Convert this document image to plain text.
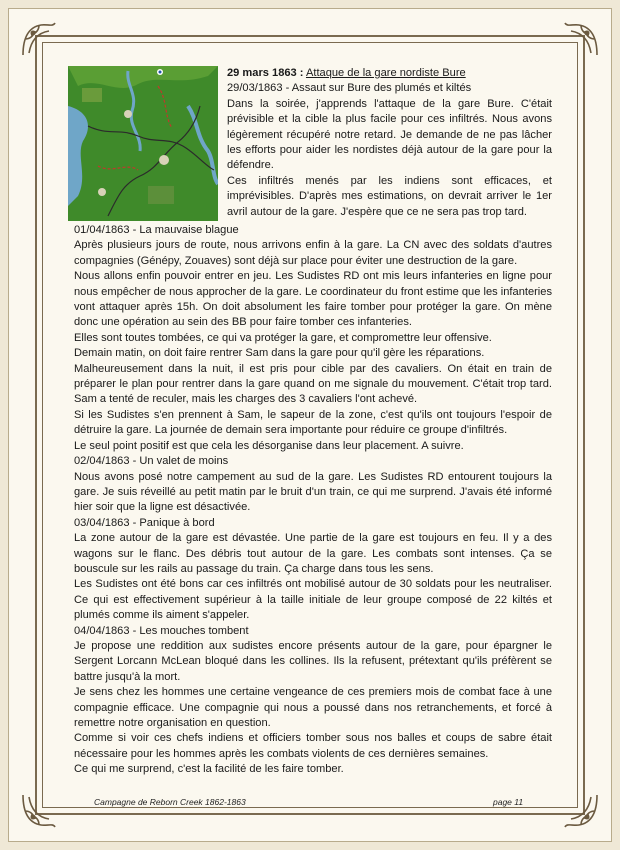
29 mars 1863 : Attaque de la gare nordiste Bure

29/03/1863 - Assaut sur Bure des plumés et kiltés

Dans la soirée, j'apprends l'attaque de la gare Bure. C'était prévisible et la cible la plus facile pour ces infiltrés. Nous avons légèrement récupéré notre retard. Je demande de ne pas lâcher les efforts pour aider les nordistes déjà autour de la gare pour la défendre.

Ces infiltrés menés par les indiens sont efficaces, et imprévisibles. D'après mes estimations, on devrait arriver le 1er avril autour de la gare. J'espère que ce ne sera pas trop tard.

01/04/1863 - La mauvaise blague

Après plusieurs jours de route, nous arrivons enfin à la gare. La CN avec des soldats d'autres compagnies (Génépy, Zouaves) sont déjà sur place pour éviter une destruction de la gare.

Nous allons enfin pouvoir entrer en jeu. Les Sudistes RD ont mis leurs infanteries en ligne pour nous empêcher de nous approcher de la gare. Le coordinateur du front estime que les infanteries vont attaquer après 15h. On doit absolument les faire tomber pour protéger la gare. On mène donc une opération au sein des BB pour faire tomber ces infanteries.

Elles sont toutes tombées, ce qui va protéger la gare, et compromettre leur offensive.

Demain matin, on doit faire rentrer Sam dans la gare pour qu'il gère les réparations.

Malheureusement dans la nuit, il est pris pour cible par des cavaliers. On était en train de préparer le plan pour rentrer dans la gare quand on me signale du mouvement. C'était trop tard. Sam a tenté de reculer, mais les charges des 3 cavaliers l'ont achevé.

Si les Sudistes s'en prennent à Sam, le sapeur de la zone, c'est qu'ils ont toujours l'espoir de détruire la gare. La journée de demain sera importante pour réduire ce groupe d'infiltrés.

Le seul point positif est que cela les désorganise dans leur placement. A suivre.

02/04/1863 - Un valet de moins

Nous avons posé notre campement au sud de la gare. Les Sudistes RD entourent toujours la gare. Je suis réveillé au petit matin par le bruit d'un train, ce qui me surprend. J'avais été informé hier soir que la ligne est désactivée.

03/04/1863 - Panique à bord

La zone autour de la gare est dévastée. Une partie de la gare est toujours en feu. Il y a des wagons sur le flanc. Des débris tout autour de la gare. Les combats sont intenses. Ça se bouscule sur les rails au passage du train. Ça charge dans tous les sens.

Les Sudistes ont été bons car ces infiltrés ont mobilisé autour de 30 soldats pour les neutraliser. Ce qui est effectivement supérieur à la taille initiale de leur groupe composé de 22 kiltés et plumés comme ils aiment s'appeler.

04/04/1863 - Les mouches tombent

Je propose une reddition aux sudistes encore présents autour de la gare, pour épargner le Sergent Lorcann McLean bloqué dans les collines. Ils la refusent, prétextant qu'ils préfèrent se battre jusqu'à la mort.

Je sens chez les hommes une certaine vengeance de ces premiers mois de combat face à une compagnie efficace. Une compagnie qui nous a poussé dans nos retranchements, et forcé à remettre notre organisation en question.

Comme si voir ces chefs indiens et officiers tomber sous nos balles et coups de sabre était nécessaire pour les hommes après les combats violents de ces dernières semaines.

Ce qui me surprend, c'est la facilité de les faire tomber.

Campagne de Reborn Creek 1862-1863	page 11
